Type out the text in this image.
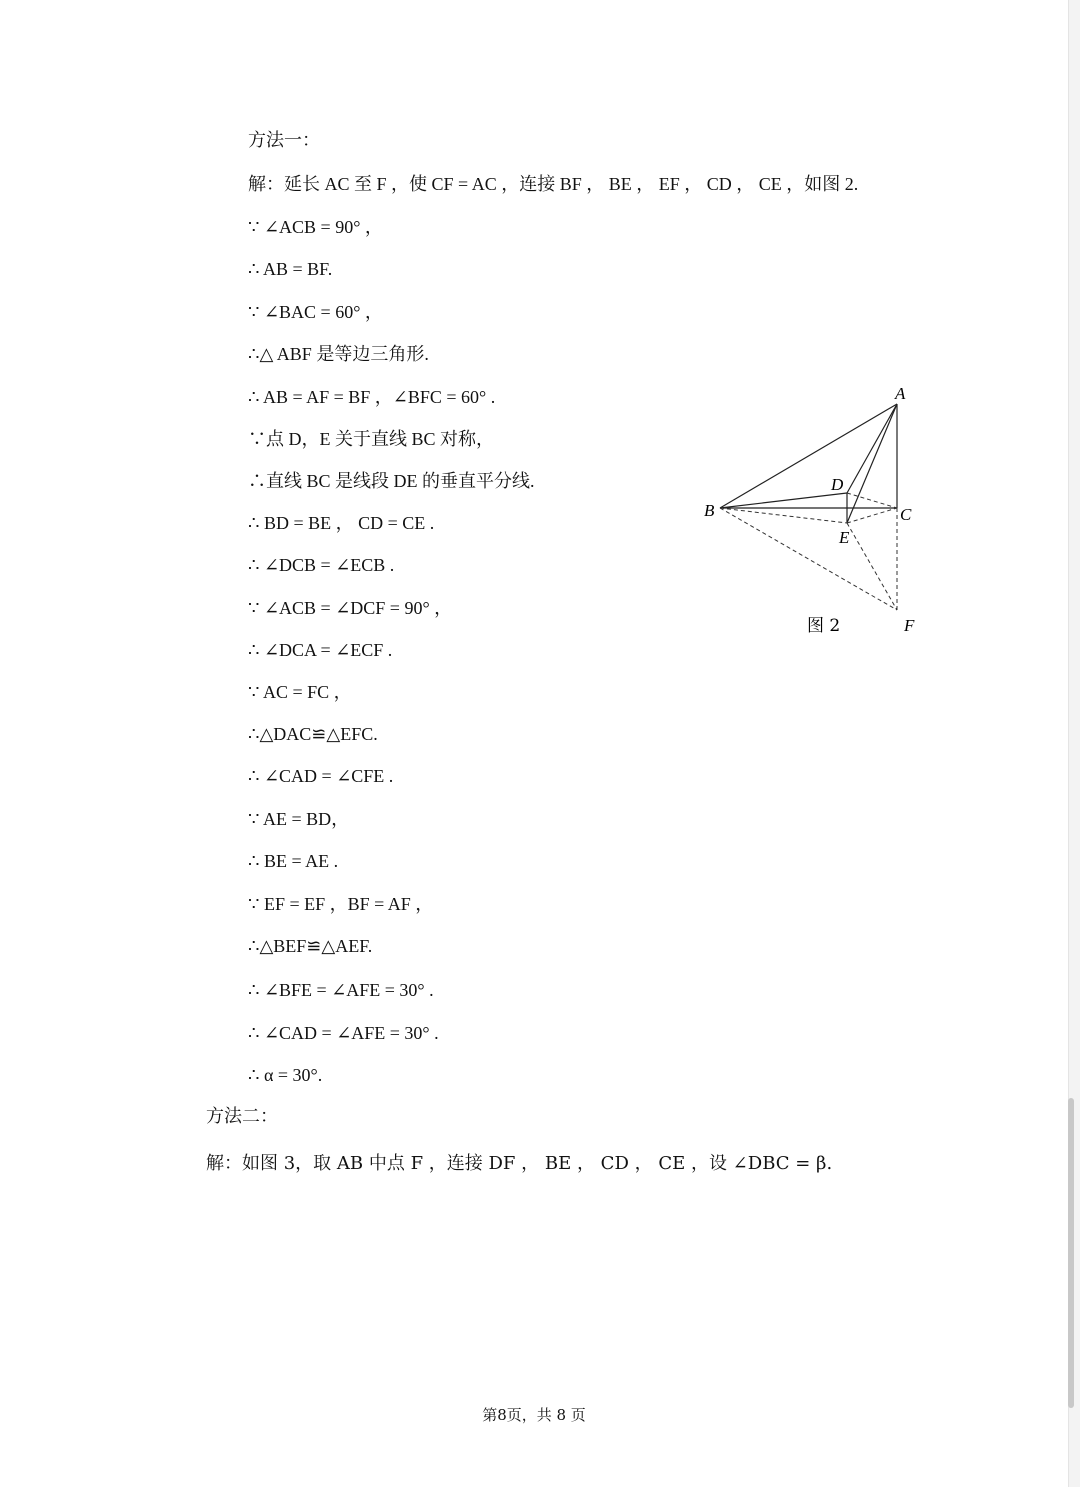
方法一：
解：延长 AC 至 F ，使 CF = AC ，连接 BF ， BE ， EF ， CD ， CE ，如图 2.
∵ ∠ACB = 90° ，
∴ AB = BF.
∵ ∠BAC = 60° ，
∴△ ABF 是等边三角形.
∴ AB = AF = BF ，∠BFC = 60° .
∵点 D，E 关于直线 BC 对称，
∴直线 BC 是线段 DE 的垂直平分线.
∴ BD = BE ， CD = CE .
∴ ∠DCB = ∠ECB .
∵ ∠ACB = ∠DCF = 90° ，
∴ ∠DCA = ∠ECF .
∵ AC = FC ，
∴△DAC≌△EFC.
∴ ∠CAD = ∠CFE .
∵ AE = BD，
∴ BE = AE .
∵ EF = EF ，BF = AF ，
∴△BEF≌△AEF.
∴ ∠BFE = ∠AFE = 30° .
∴ ∠CAD = ∠AFE = 30° .
∴ α = 30°.
方法二：
解：如图 3，取 AB 中点 F ，连接 DF ， BE ， CD ， CE ，设 ∠DBC = β.
A
B	C
D
E
F
图 2
第8页，共 8 页
